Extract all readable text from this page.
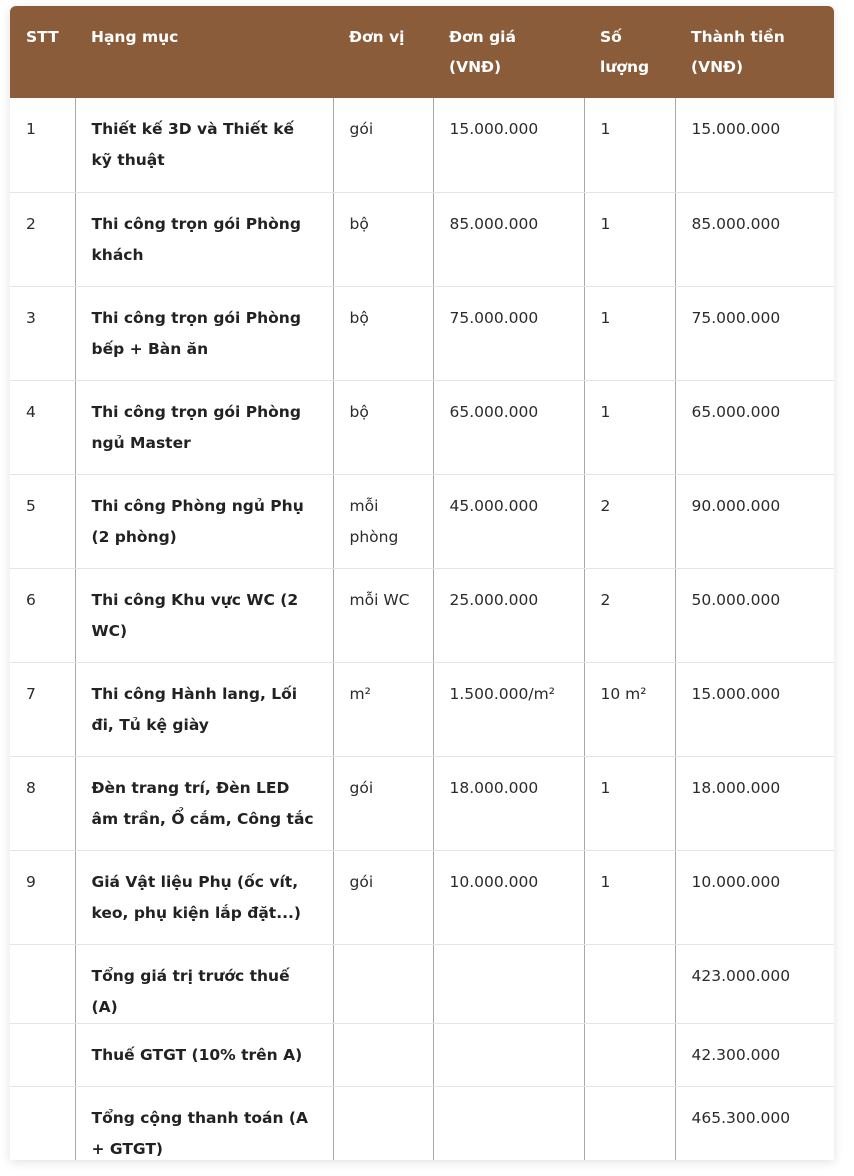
STT	Hạng mục	Đơn vị	Đơn giá (VNĐ)	Số lượng	Thành tiền (VNĐ)
1	Thiết kế 3D và Thiết kế kỹ thuật	gói	15.000.000	1	15.000.000
2	Thi công trọn gói Phòng khách	bộ	85.000.000	1	85.000.000
3	Thi công trọn gói Phòng bếp + Bàn ăn	bộ	75.000.000	1	75.000.000
4	Thi công trọn gói Phòng ngủ Master	bộ	65.000.000	1	65.000.000
5	Thi công Phòng ngủ Phụ (2 phòng)	mỗi phòng	45.000.000	2	90.000.000
6	Thi công Khu vực WC (2 WC)	mỗi WC	25.000.000	2	50.000.000
7	Thi công Hành lang, Lối đi, Tủ kệ giày	m²	1.500.000/m²	10 m²	15.000.000
8	Đèn trang trí, Đèn LED âm trần, Ổ cắm, Công tắc	gói	18.000.000	1	18.000.000
9	Giá Vật liệu Phụ (ốc vít, keo, phụ kiện lắp đặt...)	gói	10.000.000	1	10.000.000
	Tổng giá trị trước thuế (A)				423.000.000
	Thuế GTGT (10% trên A)				42.300.000
	Tổng cộng thanh toán (A + GTGT)				465.300.000
